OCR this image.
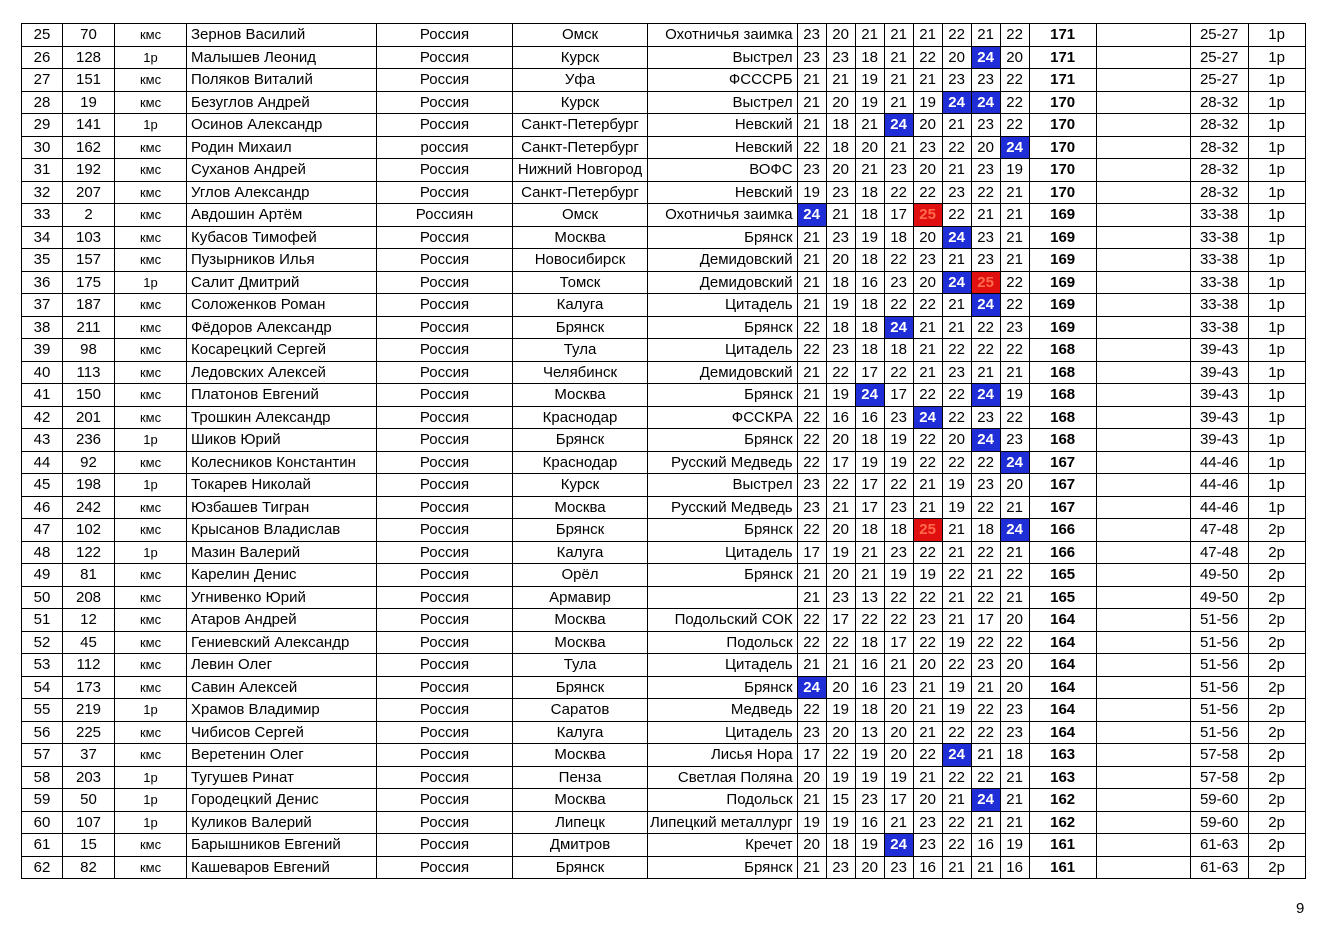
25	70	кмс	Зернов Василий	Россия	Омск	Охотничья заимка	23	20	21	21	21	22	21	22	171		25-27	1р
26	128	1р	Малышев Леонид	Россия	Курск	Выстрел	23	23	18	21	22	20	24	20	171		25-27	1р
27	151	кмс	Поляков Виталий	Россия	Уфа	ФСССРБ	21	21	19	21	21	23	23	22	171		25-27	1р
28	19	кмс	Безуглов Андрей	Россия	Курск	Выстрел	21	20	19	21	19	24	24	22	170		28-32	1р
29	141	1р	Осинов Александр	Россия	Санкт-Петербург	Невский	21	18	21	24	20	21	23	22	170		28-32	1р
30	162	кмс	Родин Михаил	россия	Санкт-Петербург	Невский	22	18	20	21	23	22	20	24	170		28-32	1р
31	192	кмс	Суханов Андрей	Россия	Нижний Новгород	ВОФС	23	20	21	23	20	21	23	19	170		28-32	1р
32	207	кмс	Углов Александр	Россия	Санкт-Петербург	Невский	19	23	18	22	22	23	22	21	170		28-32	1р
33	2	кмс	Авдошин Артём	Россиян	Омск	Охотничья заимка	24	21	18	17	25	22	21	21	169		33-38	1р
34	103	кмс	Кубасов Тимофей	Россия	Москва	Брянск	21	23	19	18	20	24	23	21	169		33-38	1р
35	157	кмс	Пузырников Илья	Россия	Новосибирск	Демидовский	21	20	18	22	23	21	23	21	169		33-38	1р
36	175	1р	Салит Дмитрий	Россия	Томск	Демидовский	21	18	16	23	20	24	25	22	169		33-38	1р
37	187	кмс	Соложенков Роман	Россия	Калуга	Цитадель	21	19	18	22	22	21	24	22	169		33-38	1р
38	211	кмс	Фёдоров Александр	Россия	Брянск	Брянск	22	18	18	24	21	21	22	23	169		33-38	1р
39	98	кмс	Косарецкий Сергей	Россия	Тула	Цитадель	22	23	18	18	21	22	22	22	168		39-43	1р
40	113	кмс	Ледовских Алексей	Россия	Челябинск	Демидовский	21	22	17	22	21	23	21	21	168		39-43	1р
41	150	кмс	Платонов Евгений	Россия	Москва	Брянск	21	19	24	17	22	22	24	19	168		39-43	1р
42	201	кмс	Трошкин Александр	Россия	Краснодар	ФССКРА	22	16	16	23	24	22	23	22	168		39-43	1р
43	236	1р	Шиков Юрий	Россия	Брянск	Брянск	22	20	18	19	22	20	24	23	168		39-43	1р
44	92	кмс	Колесников Константин	Россия	Краснодар	Русский Медведь	22	17	19	19	22	22	22	24	167		44-46	1р
45	198	1р	Токарев Николай	Россия	Курск	Выстрел	23	22	17	22	21	19	23	20	167		44-46	1р
46	242	кмс	Юзбашев Тигран	Россия	Москва	Русский Медведь	23	21	17	23	21	19	22	21	167		44-46	1р
47	102	кмс	Крысанов Владислав	Россия	Брянск	Брянск	22	20	18	18	25	21	18	24	166		47-48	2р
48	122	1р	Мазин Валерий	Россия	Калуга	Цитадель	17	19	21	23	22	21	22	21	166		47-48	2р
49	81	кмс	Карелин Денис	Россия	Орёл	Брянск	21	20	21	19	19	22	21	22	165		49-50	2р
50	208	кмс	Угнивенко Юрий	Россия	Армавир		21	23	13	22	22	21	22	21	165		49-50	2р
51	12	кмс	Атаров Андрей	Россия	Москва	Подольский СОК	22	17	22	22	23	21	17	20	164		51-56	2р
52	45	кмс	Гениевский Александр	Россия	Москва	Подольск	22	22	18	17	22	19	22	22	164		51-56	2р
53	112	кмс	Левин Олег	Россия	Тула	Цитадель	21	21	16	21	20	22	23	20	164		51-56	2р
54	173	кмс	Савин Алексей	Россия	Брянск	Брянск	24	20	16	23	21	19	21	20	164		51-56	2р
55	219	1р	Храмов Владимир	Россия	Саратов	Медведь	22	19	18	20	21	19	22	23	164		51-56	2р
56	225	кмс	Чибисов Сергей	Россия	Калуга	Цитадель	23	20	13	20	21	22	22	23	164		51-56	2р
57	37	кмс	Веретенин Олег	Россия	Москва	Лисья Нора	17	22	19	20	22	24	21	18	163		57-58	2р
58	203	1р	Тугушев Ринат	Россия	Пенза	Светлая Поляна	20	19	19	19	21	22	22	21	163		57-58	2р
59	50	1р	Городецкий Денис	Россия	Москва	Подольск	21	15	23	17	20	21	24	21	162		59-60	2р
60	107	1р	Куликов Валерий	Россия	Липецк	Липецкий металлург	19	19	16	21	23	22	21	21	162		59-60	2р
61	15	кмс	Барышников Евгений	Россия	Дмитров	Кречет	20	18	19	24	23	22	16	19	161		61-63	2р
62	82	кмс	Кашеваров Евгений	Россия	Брянск	Брянск	21	23	20	23	16	21	21	16	161		61-63	2р
9
